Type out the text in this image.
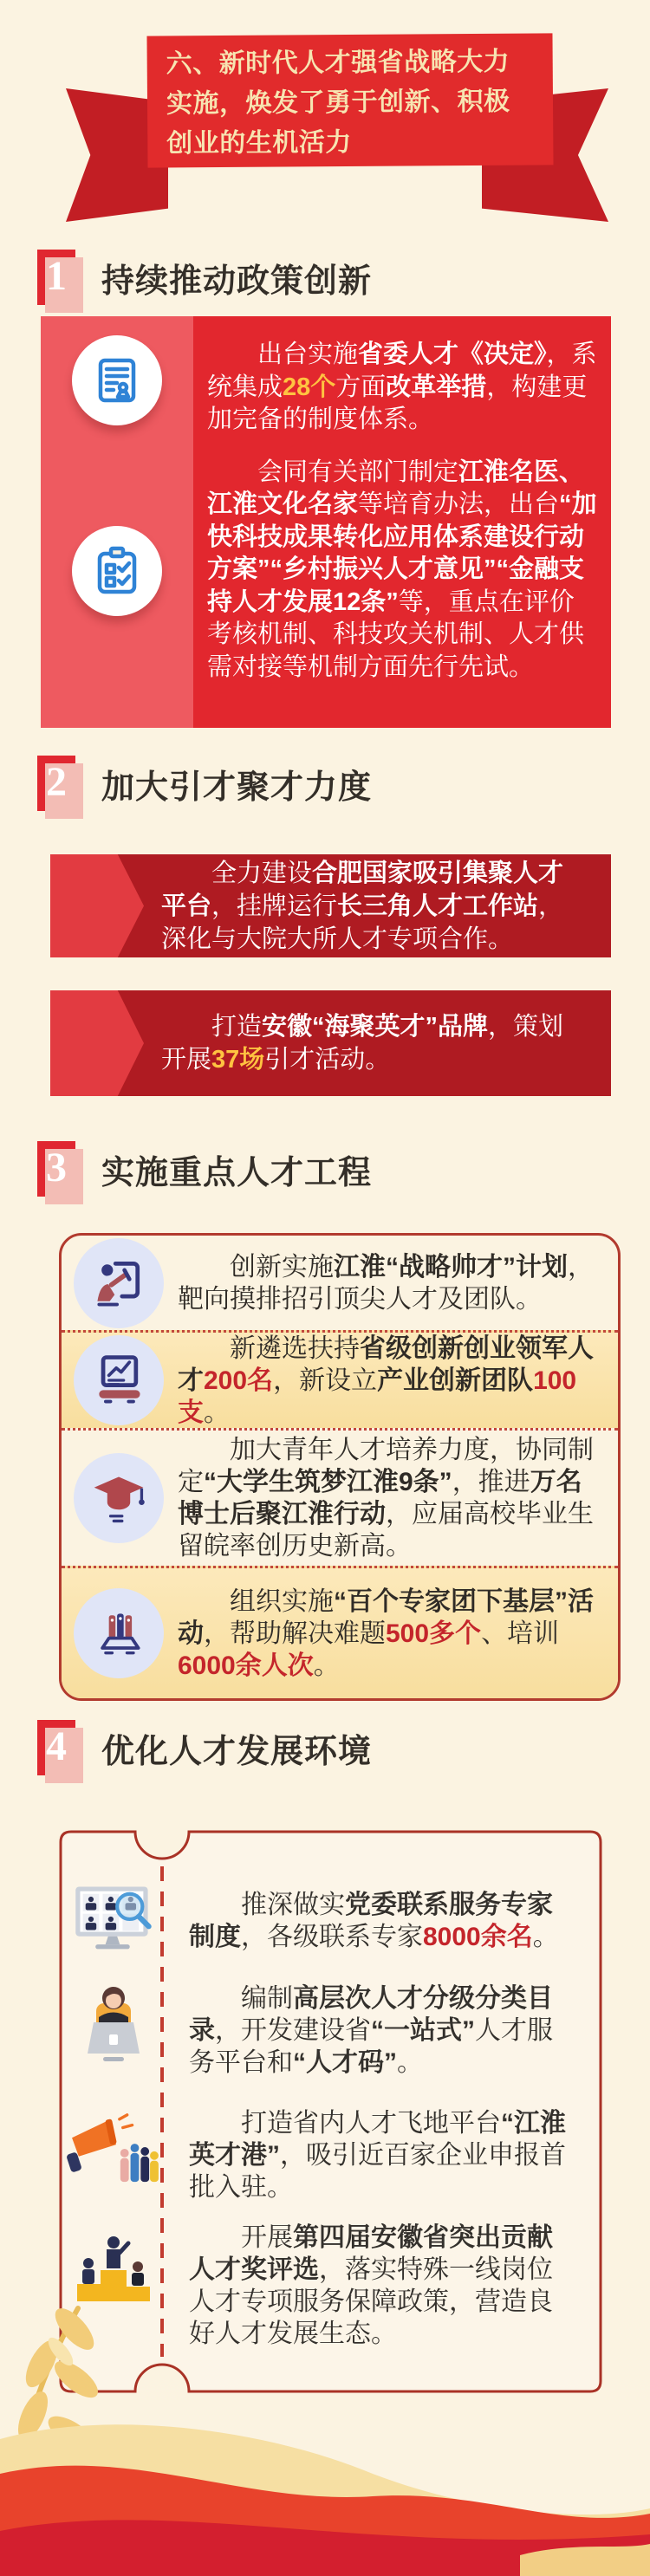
六、新时代人才强省战略大力实施，焕发了勇于创新、积极创业的生机活力
1 持续推动政策创新

出台实施省委人才《决定》，系统集成28个方面改革举措，构建更加完备的制度体系。

会同有关部门制定江淮名医、江淮文化名家等培育办法，出台“加快科技成果转化应用体系建设行动方案”“乡村振兴人才意见”“金融支持人才发展12条”等，重点在评价考核机制、科技攻关机制、人才供需对接等机制方面先行先试。

2 加大引才聚才力度
全力建设合肥国家吸引集聚人才平台，挂牌运行长三角人才工作站，深化与大院大所人才专项合作。
打造安徽“海聚英才”品牌，策划开展37场引才活动。
3 实施重点人才工程
创新实施江淮“战略帅才”计划，靶向摸排招引顶尖人才及团队。
新遴选扶持省级创新创业领军人才200名，新设立产业创新团队100支。
加大青年人才培养力度，协同制定“大学生筑梦江淮9条”，推进万名博士后聚江淮行动，应届高校毕业生留皖率创历史新高。
组织实施“百个专家团下基层”活动，帮助解决难题500多个、培训6000余人次。
4 优化人才发展环境
推深做实党委联系服务专家制度，各级联系专家8000余名。
编制高层次人才分级分类目录，开发建设省“一站式”人才服务平台和“人才码”。
打造省内人才飞地平台“江淮英才港”，吸引近百家企业申报首批入驻。
开展第四届安徽省突出贡献人才奖评选，落实特殊一线岗位人才专项服务保障政策，营造良好人才发展生态。
